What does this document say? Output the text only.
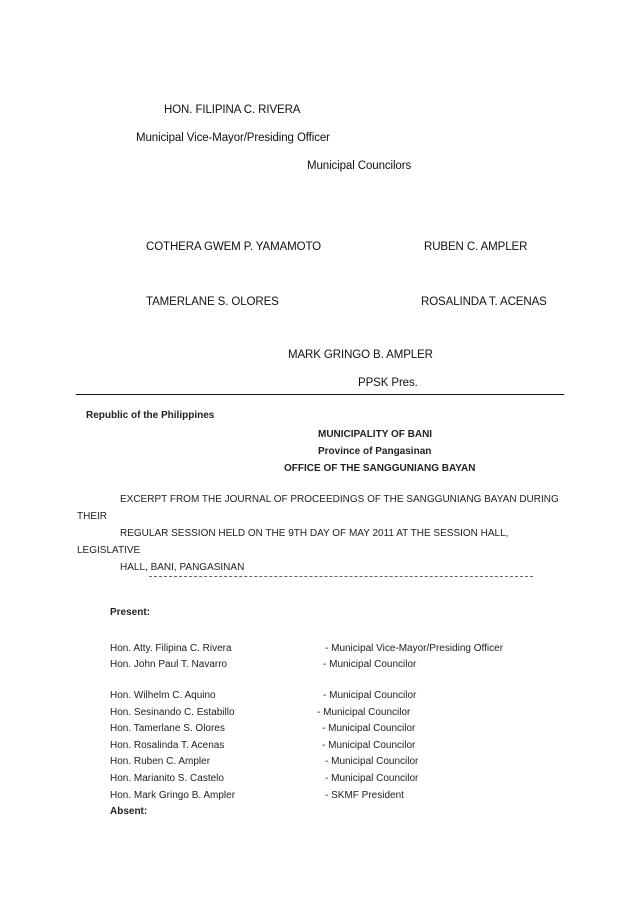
HON. FILIPINA C. RIVERA
Municipal Vice-Mayor/Presiding Officer
Municipal Councilors
COTHERA GWEM P. YAMAMOTO	RUBEN C. AMPLER
TAMERLANE S. OLORES	ROSALINDA T. ACENAS
MARK GRINGO B. AMPLER
PPSK Pres.
Republic of the Philippines
MUNICIPALITY OF BANI
Province of Pangasinan
OFFICE OF THE SANGGUNIANG BAYAN
EXCERPT FROM THE JOURNAL OF PROCEEDINGS OF THE SANGGUNIANG BAYAN DURING
THEIR
REGULAR SESSION HELD ON THE 9TH DAY OF MAY 2011 AT THE SESSION HALL,
LEGISLATIVE
HALL, BANI, PANGASINAN
Present:
Hon. Atty. Filipina C. Rivera	- Municipal Vice-Mayor/Presiding Officer
Hon. John Paul T. Navarro	- Municipal Councilor
Hon. Wilhelm C. Aquino	- Municipal Councilor
Hon. Sesinando C. Estabillo	- Municipal Councilor
Hon. Tamerlane S. Olores	- Municipal Councilor
Hon. Rosalinda T. Acenas	- Municipal Councilor
Hon. Ruben C. Ampler	- Municipal Councilor
Hon. Marianito S. Castelo	- Municipal Councilor
Hon. Mark Gringo B. Ampler	- SKMF President
Absent:
